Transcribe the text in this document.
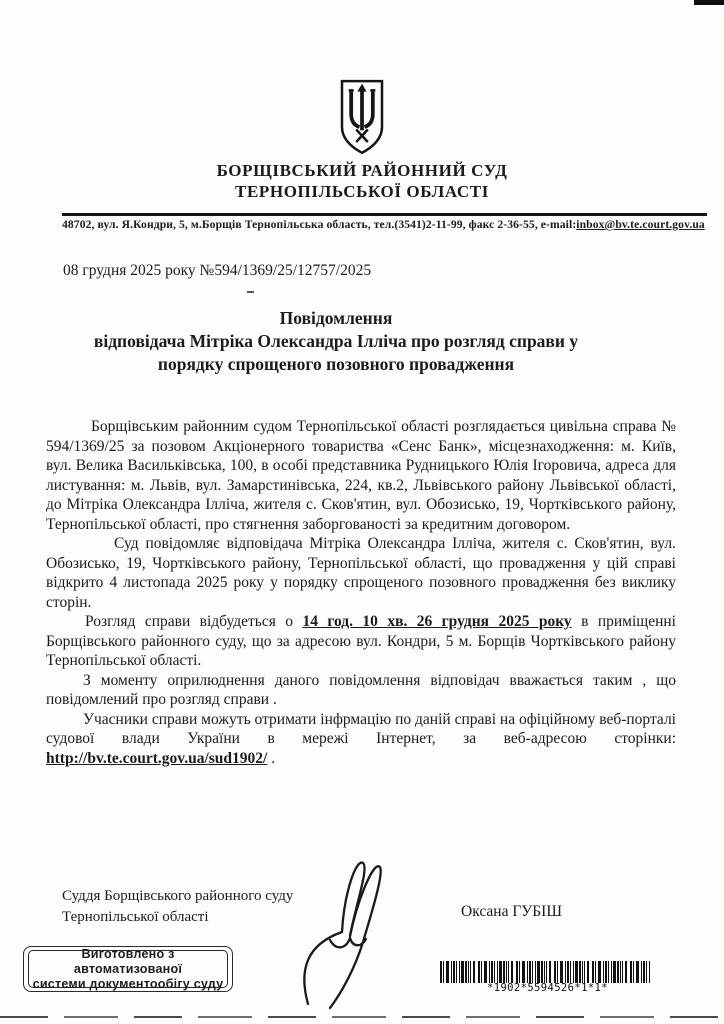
БОРЩІВСЬКИЙ РАЙОННИЙ СУД
ТЕРНОПІЛЬСЬКОЇ ОБЛАСТІ
48702, вул. Я.Кондри, 5, м.Борщів Тернопільська область, тел.(3541)2-11-99, факс 2-36-55, e-mail:inbox@bv.te.court.gov.ua
08 грудня 2025 року №594/1369/25/12757/2025
Повідомлення
відповідача Мітріка Олександра Ілліча про розгляд справи у
порядку спрощеного позовного провадження

Борщівським районним судом Тернопільської області розглядається цивільна справа № 594/1369/25 за позовом Акціонерного товариства «Сенс Банк», місцезнаходження: м. Київ, вул. Велика Васильківська, 100, в особі представника Рудницького Юлія Ігоровича, адреса для листування: м. Львів, вул. Замарстинівська, 224, кв.2, Львівського району Львівської області, до Мітріка Олександра Ілліча, жителя с. Сков'ятин, вул. Обозисько, 19, Чортківського району, Тернопільської області, про стягнення заборгованості за кредитним договором.

Суд повідомляє відповідача Мітріка Олександра Ілліча, жителя с. Сков'ятин, вул. Обозисько, 19, Чортківського району, Тернопільської області, що провадження у цій справі відкрито 4 листопада 2025 року у порядку спрощеного позовного провадження без виклику сторін.

Розгляд справи відбудеться о 14 год. 10 хв. 26 грудня 2025 року в приміщенні Борщівського районного суду, що за адресою вул. Кондри, 5 м. Борщів Чортківського району Тернопільської області.

З моменту оприлюднення даного повідомлення відповідач вважається таким , що повідомлений про розгляд справи .

Учасники справи можуть отримати інфрмацію по даній справі на офіційному веб-порталі судової влади України в мережі Інтернет, за веб-адресою сторінки: http://bv.te.court.gov.ua/sud1902/ .

Суддя Борщівського районного суду
Тернопільської області	Оксана ГУБІШ
Виготовлено з автоматизованої
системи документообігу суду	*1902*5594526*1*1*
